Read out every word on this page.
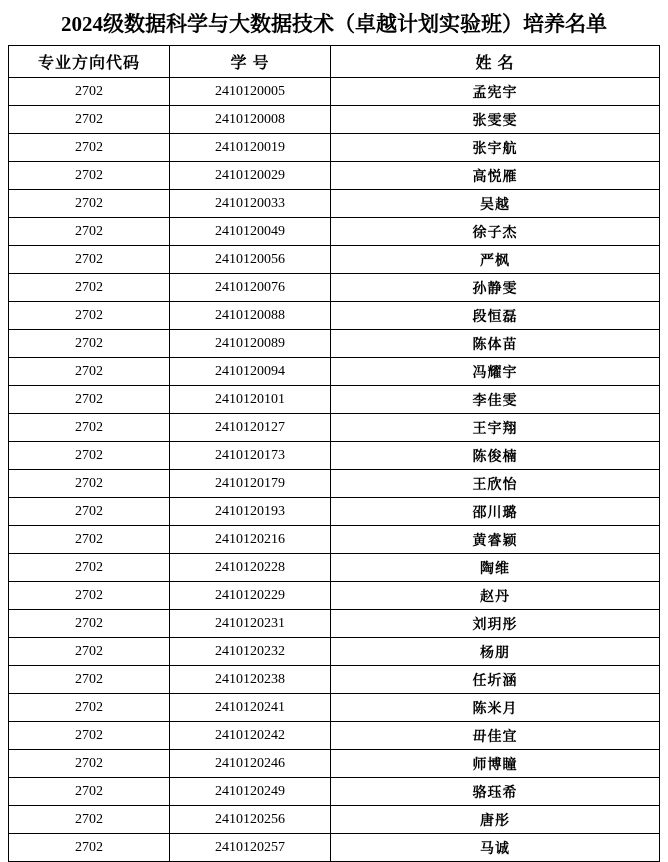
2024级数据科学与大数据技术（卓越计划实验班）培养名单
专业方向代码	学 号	姓 名
2702	2410120005	孟宪宇
2702	2410120008	张雯雯
2702	2410120019	张宇航
2702	2410120029	高悦雁
2702	2410120033	吴越
2702	2410120049	徐子杰
2702	2410120056	严枫
2702	2410120076	孙静雯
2702	2410120088	段恒磊
2702	2410120089	陈体苗
2702	2410120094	冯耀宇
2702	2410120101	李佳雯
2702	2410120127	王宇翔
2702	2410120173	陈俊楠
2702	2410120179	王欣怡
2702	2410120193	邵川璐
2702	2410120216	黄睿颖
2702	2410120228	陶维
2702	2410120229	赵丹
2702	2410120231	刘玥彤
2702	2410120232	杨朋
2702	2410120238	任圻涵
2702	2410120241	陈米月
2702	2410120242	毌佳宜
2702	2410120246	师博瞳
2702	2410120249	骆珏希
2702	2410120256	唐彤
2702	2410120257	马诚
